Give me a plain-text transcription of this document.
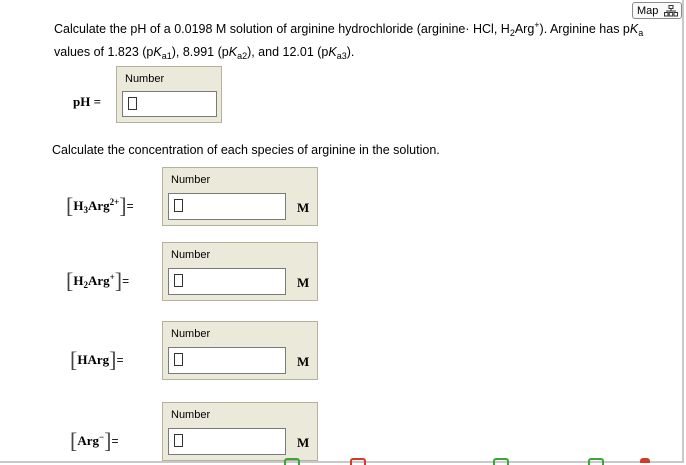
Map
Calculate the pH of a 0.0198 M solution of arginine hydrochloride (arginine· HCl, $H_2Arg^+$). Arginine has $pK_a$
values of 1.823 $(pK_{a1})$, 8.991 $(pK_{a2})$, and 12.01 $(pK_{a3})$.
pH =
Number
Calculate the concentration of each species of arginine in the solution.
$[H_3Arg^{2+}]=$
Number
M
$[H_2Arg^+]=$
Number
M
[HArg]=
Number
M
[Arg−]=
Number
M
